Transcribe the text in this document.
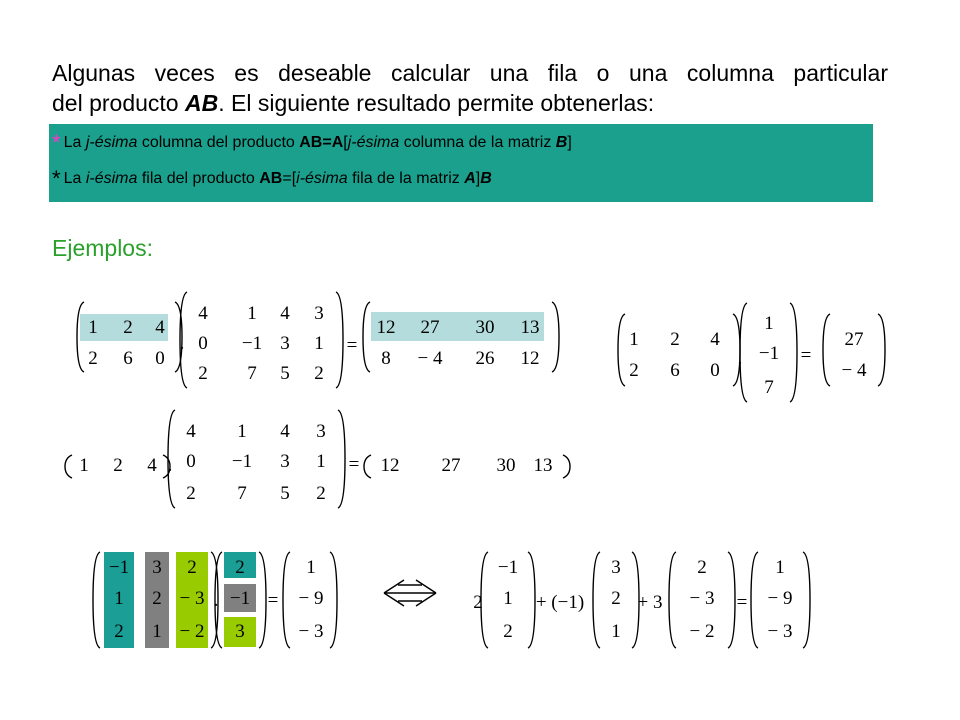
Algunas veces es deseable calcular una fila o una columna particular

del producto AB. El siguiente resultado permite obtenerlas:
* La j-ésima columna del producto AB=A[j-ésima columna de la matriz B]
* La i-ésima fila del producto AB=[i-ésima fila de la matriz A]B
Ejemplos:
1 2 4
2 6 0
.
4 1 4 3
0 −1 3 1
2 7 5 2
=
12 27 30 13
8 − 4 26 12
1 2 4
2 6 0
.
1
−1
7
=
27
− 4
1 2 4 .
4 1 4 3
0 −1 3 1
2 7 5 2
= 12 27 30 13
−1 3 2
1 2 − 3
2 1 − 2
.
2
−1
3
=
1
− 9
− 3
2
−1
1
2
+ (−1)
3
2
1
+ 3
2
− 3
− 2
=
1
− 9
− 3
